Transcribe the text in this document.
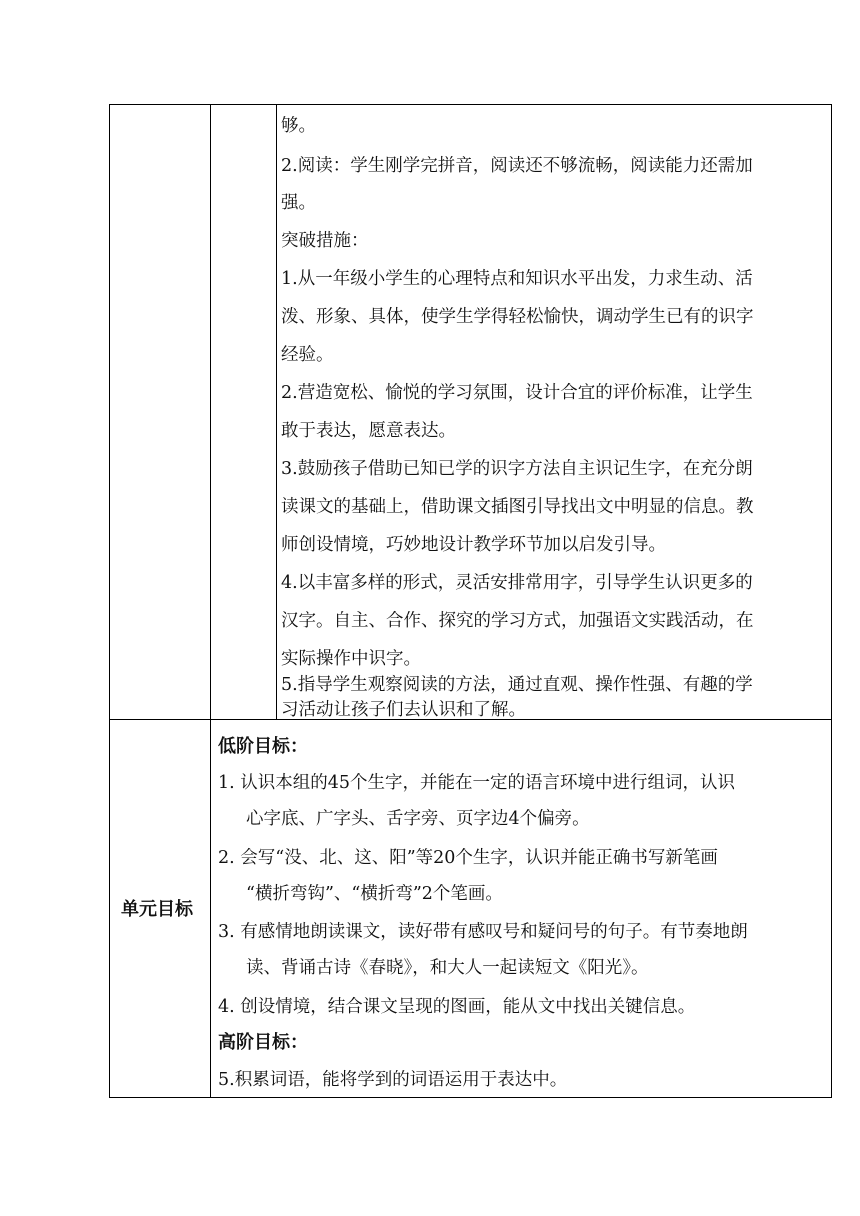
够。
2.阅读：学生刚学完拼音，阅读还不够流畅，阅读能力还需加
强。
突破措施：
1.从一年级小学生的心理特点和知识水平出发，力求生动、活
泼、形象、具体，使学生学得轻松愉快，调动学生已有的识字
经验。
2.营造宽松、愉悦的学习氛围，设计合宜的评价标准，让学生
敢于表达，愿意表达。
3.鼓励孩子借助已知已学的识字方法自主识记生字，在充分朗
读课文的基础上，借助课文插图引导找出文中明显的信息。教
师创设情境，巧妙地设计教学环节加以启发引导。
4.以丰富多样的形式，灵活安排常用字，引导学生认识更多的
汉字。自主、合作、探究的学习方式，加强语文实践活动，在
实际操作中识字。
5.指导学生观察阅读的方法，通过直观、操作性强、有趣的学
习活动让孩子们去认识和了解。
单元目标
低阶目标：
1. 认识本组的45个生字，并能在一定的语言环境中进行组词，认识
心字底、广字头、舌字旁、页字边4个偏旁。
2. 会写“没、北、这、阳”等20个生字，认识并能正确书写新笔画
“横折弯钩”、“横折弯”2个笔画。
3. 有感情地朗读课文，读好带有感叹号和疑问号的句子。有节奏地朗
读、背诵古诗《春晓》，和大人一起读短文《阳光》。
4. 创设情境，结合课文呈现的图画，能从文中找出关键信息。
高阶目标：
5.积累词语，能将学到的词语运用于表达中。
